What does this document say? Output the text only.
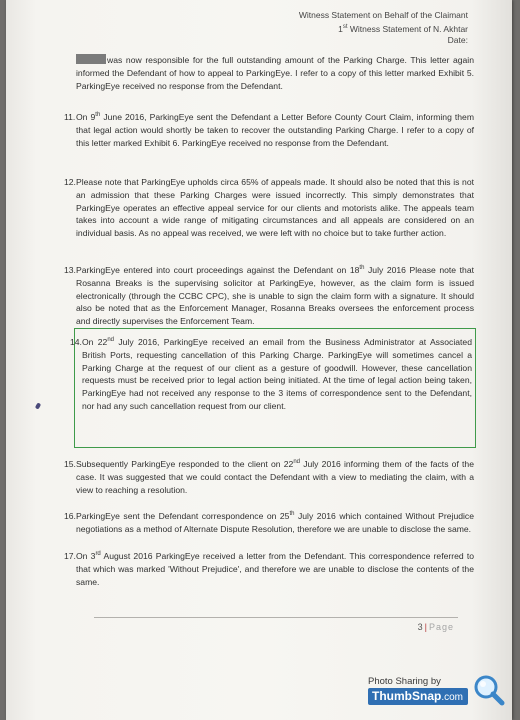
Witness Statement on Behalf of the Claimant
1st Witness Statement of N. Akhtar
Date:
was now responsible for the full outstanding amount of the Parking Charge. This letter again informed the Defendant of how to appeal to ParkingEye. I refer to a copy of this letter marked Exhibit 5. ParkingEye received no response from the Defendant.
11. On 9th June 2016, ParkingEye sent the Defendant a Letter Before County Court Claim, informing them that legal action would shortly be taken to recover the outstanding Parking Charge. I refer to a copy of this letter marked Exhibit 6. ParkingEye received no response from the Defendant.
12. Please note that ParkingEye upholds circa 65% of appeals made. It should also be noted that this is not an admission that these Parking Charges were issued incorrectly. This simply demonstrates that ParkingEye operates an effective appeal service for our clients and motorists alike. The appeals team takes into account a wide range of mitigating circumstances and all appeals are considered on an individual basis. As no appeal was received, we were left with no choice but to take further action.
13. ParkingEye entered into court proceedings against the Defendant on 18th July 2016 Please note that Rosanna Breaks is the supervising solicitor at ParkingEye, however, as the claim form is issued electronically (through the CCBC CPC), she is unable to sign the claim form with a signature. It should also be noted that as the Enforcement Manager, Rosanna Breaks oversees the enforcement process and directly supervises the Enforcement Team.
14. On 22nd July 2016, ParkingEye received an email from the Business Administrator at Associated British Ports, requesting cancellation of this Parking Charge. ParkingEye will sometimes cancel a Parking Charge at the request of our client as a gesture of goodwill. However, these cancellation requests must be received prior to legal action being initiated. At the time of legal action being taken, ParkingEye had not received any response to the 3 items of correspondence sent to the Defendant, nor had any such cancellation request from our client.
15. Subsequently ParkingEye responded to the client on 22nd July 2016 informing them of the facts of the case. It was suggested that we could contact the Defendant with a view to mediating the claim, with a view to reaching a resolution.
16. ParkingEye sent the Defendant correspondence on 25th July 2016 which contained Without Prejudice negotiations as a method of Alternate Dispute Resolution, therefore we are unable to disclose the same.
17. On 3rd August 2016 ParkingEye received a letter from the Defendant. This correspondence referred to that which was marked 'Without Prejudice', and therefore we are unable to disclose the contents of the same.
3 | Page
Photo Sharing by
ThumbSnap.com
